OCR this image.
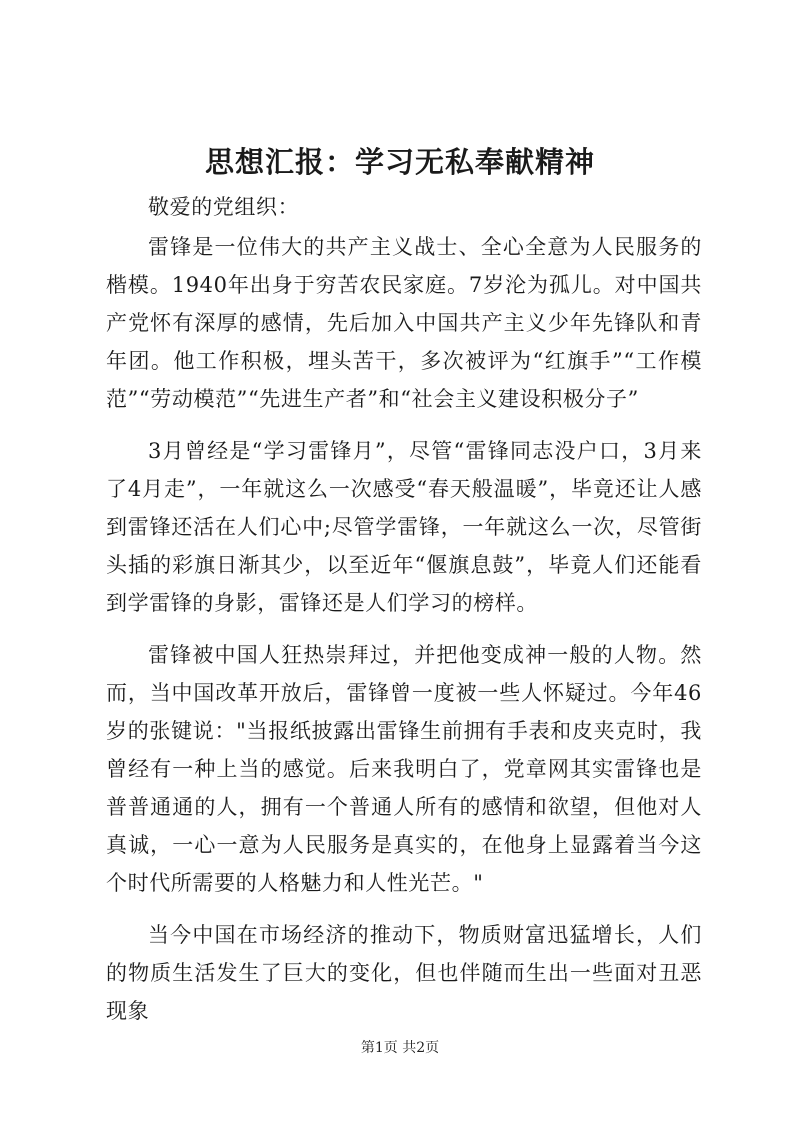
思想汇报：学习无私奉献精神

敬爱的党组织：

雷锋是一位伟大的共产主义战士、全心全意为人民服务的楷模。1940年出身于穷苦农民家庭。7岁沦为孤儿。对中国共产党怀有深厚的感情，先后加入中国共产主义少年先锋队和青年团。他工作积极，埋头苦干，多次被评为“红旗手”“工作模范”“劳动模范”“先进生产者”和“社会主义建设积极分子”

3月曾经是“学习雷锋月”，尽管“雷锋同志没户口，3月来了4月走”，一年就这么一次感受“春天般温暖”，毕竟还让人感到雷锋还活在人们心中;尽管学雷锋，一年就这么一次，尽管街头插的彩旗日渐其少，以至近年“偃旗息鼓”，毕竟人们还能看到学雷锋的身影，雷锋还是人们学习的榜样。

雷锋被中国人狂热崇拜过，并把他变成神一般的人物。然而，当中国改革开放后，雷锋曾一度被一些人怀疑过。今年46岁的张键说："当报纸披露出雷锋生前拥有手表和皮夹克时，我曾经有一种上当的感觉。后来我明白了，党章网其实雷锋也是普普通通的人，拥有一个普通人所有的感情和欲望，但他对人真诚，一心一意为人民服务是真实的，在他身上显露着当今这个时代所需要的人格魅力和人性光芒。"

当今中国在市场经济的推动下，物质财富迅猛增长，人们的物质生活发生了巨大的变化，但也伴随而生出一些面对丑恶现象

第1页 共2页
